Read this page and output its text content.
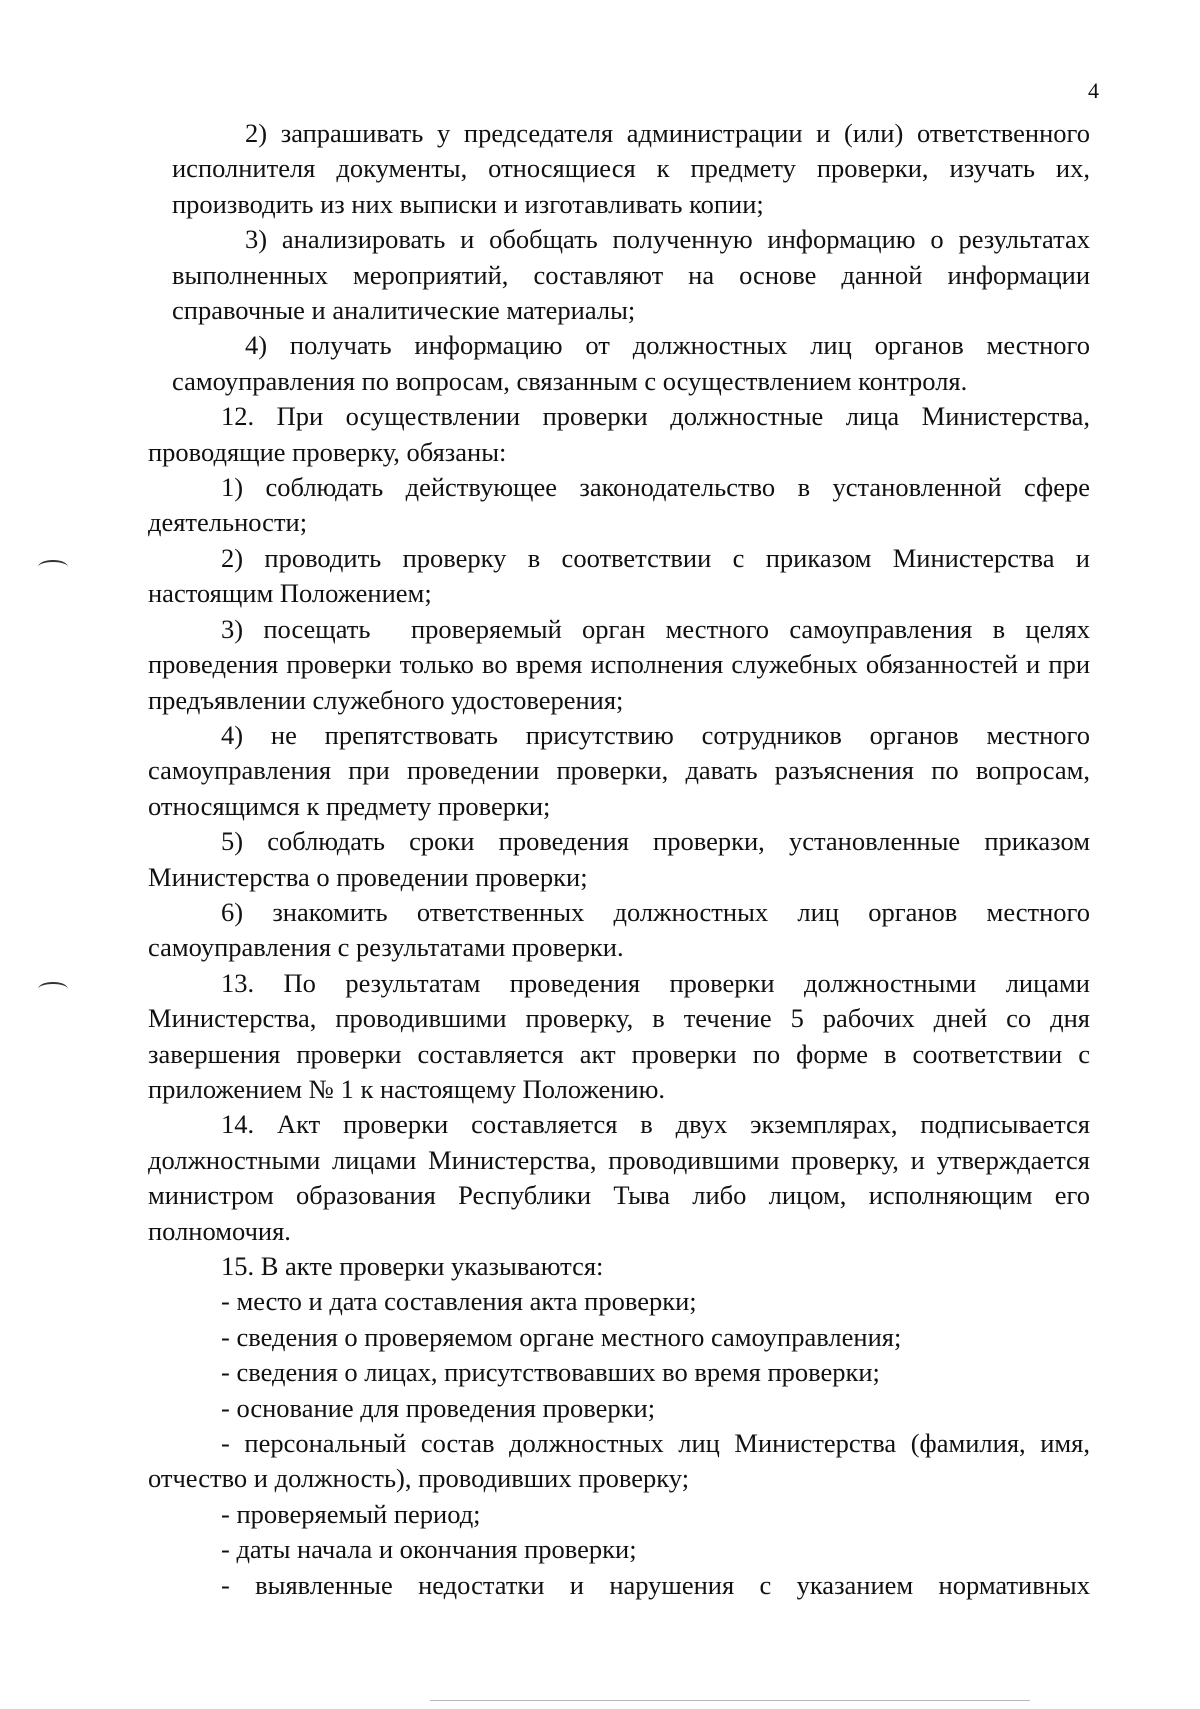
4

2) запрашивать у председателя администрации и (или) ответственного исполнителя документы, относящиеся к предмету проверки, изучать их, производить из них выписки и изготавливать копии;

3) анализировать и обобщать полученную информацию о результатах выполненных мероприятий, составляют на основе данной информации справочные и аналитические материалы;

4) получать информацию от должностных лиц органов местного самоуправления по вопросам, связанным с осуществлением контроля.

12. При осуществлении проверки должностные лица Министерства, проводящие проверку, обязаны:

1) соблюдать действующее законодательство в установленной сфере деятельности;

2) проводить проверку в соответствии с приказом Министерства и настоящим Положением;

3) посещать  проверяемый орган местного самоуправления в целях проведения проверки только во время исполнения служебных обязанностей и при предъявлении служебного удостоверения;

4) не препятствовать присутствию сотрудников органов местного самоуправления при проведении проверки, давать разъяснения по вопросам, относящимся к предмету проверки;

5) соблюдать сроки проведения проверки, установленные приказом Министерства о проведении проверки;

6) знакомить ответственных должностных лиц органов местного самоуправления с результатами проверки.

13. По результатам проведения проверки должностными лицами Министерства, проводившими проверку, в течение 5 рабочих дней со дня завершения проверки составляется акт проверки по форме в соответствии с приложением № 1 к настоящему Положению.

14. Акт проверки составляется в двух экземплярах, подписывается должностными лицами Министерства, проводившими проверку, и утверждается министром образования Республики Тыва либо лицом, исполняющим его полномочия.

15. В акте проверки указываются:

- место и дата составления акта проверки;

- сведения о проверяемом органе местного самоуправления;

- сведения о лицах, присутствовавших во время проверки;

- основание для проведения проверки;

- персональный состав должностных лиц Министерства (фамилия, имя, отчество и должность), проводивших проверку;

- проверяемый период;

- даты начала и окончания проверки;

- выявленные недостатки и нарушения с указанием нормативных
